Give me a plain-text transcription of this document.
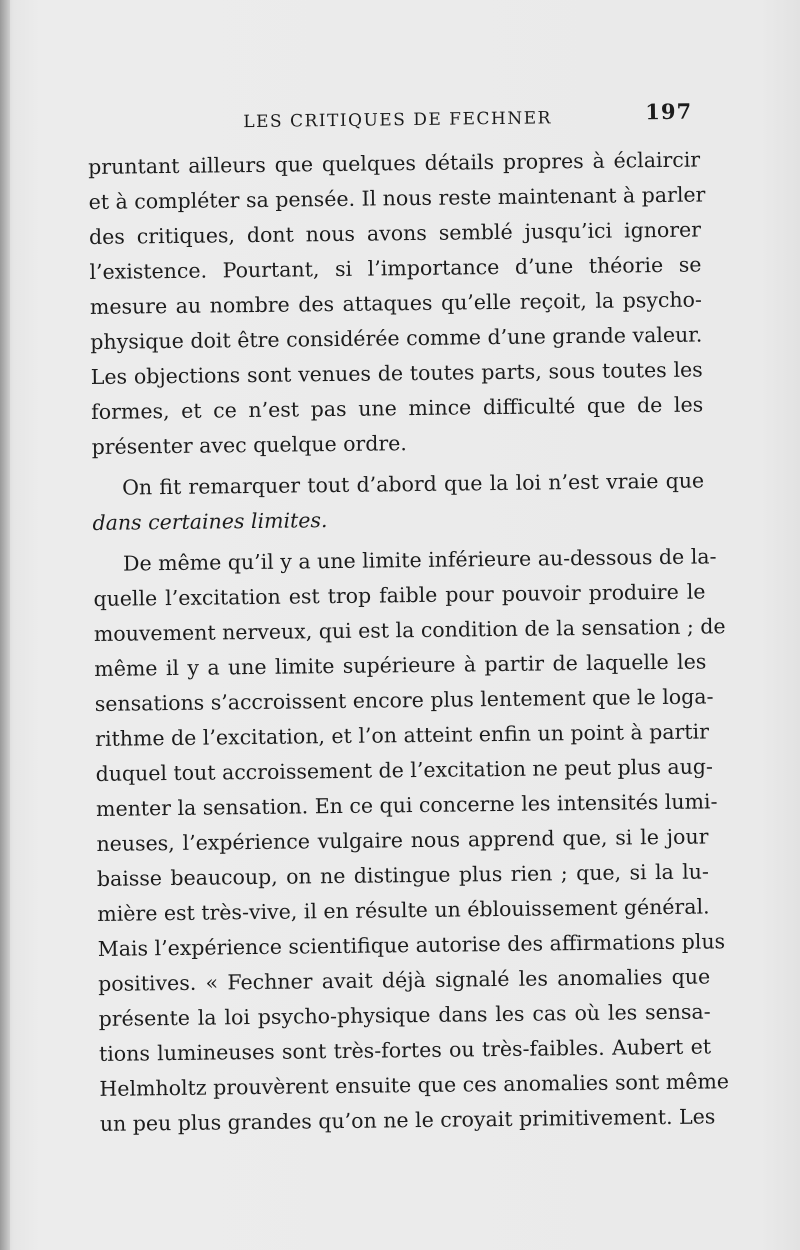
LES CRITIQUES DE FECHNER	197
pruntant ailleurs que quelques détails propres à éclaircir
et à compléter sa pensée. Il nous reste maintenant à parler
des critiques, dont nous avons semblé jusqu’ici ignorer
l’existence. Pourtant, si l’importance d’une théorie se
mesure au nombre des attaques qu’elle reçoit, la psycho-
physique doit être considérée comme d’une grande valeur.
Les objections sont venues de toutes parts, sous toutes les
formes, et ce n’est pas une mince difficulté que de les
présenter avec quelque ordre.
On fit remarquer tout d’abord que la loi n’est vraie que
dans certaines limites.
De même qu’il y a une limite inférieure au-dessous de la-
quelle l’excitation est trop faible pour pouvoir produire le
mouvement nerveux, qui est la condition de la sensation ; de
même il y a une limite supérieure à partir de laquelle les
sensations s’accroissent encore plus lentement que le loga-
rithme de l’excitation, et l’on atteint enfin un point à partir
duquel tout accroissement de l’excitation ne peut plus aug-
menter la sensation. En ce qui concerne les intensités lumi-
neuses, l’expérience vulgaire nous apprend que, si le jour
baisse beaucoup, on ne distingue plus rien ; que, si la lu-
mière est très-vive, il en résulte un éblouissement général.
Mais l’expérience scientifique autorise des affirmations plus
positives. « Fechner avait déjà signalé les anomalies que
présente la loi psycho-physique dans les cas où les sensa-
tions lumineuses sont très-fortes ou très-faibles. Aubert et
Helmholtz prouvèrent ensuite que ces anomalies sont même
un peu plus grandes qu’on ne le croyait primitivement. Les
